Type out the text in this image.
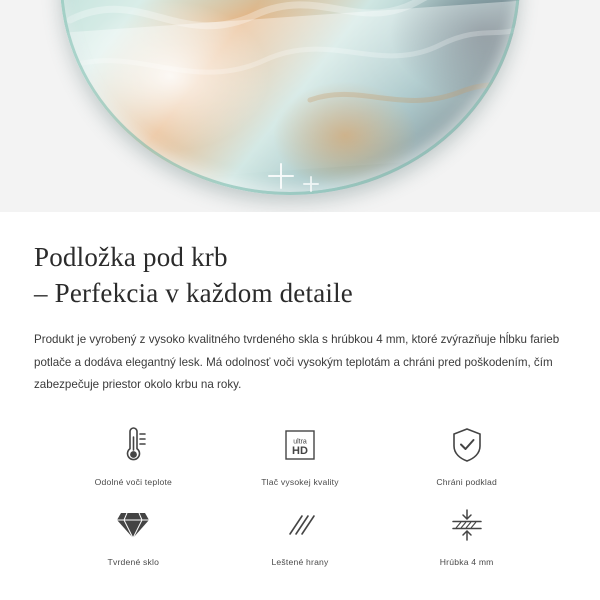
Podložka pod krb
– Perfekcia v každom detaile

Produkt je vyrobený z vysoko kvalitného tvrdeného skla s hrúbkou 4 mm, ktoré zvýrazňuje hĺbku farieb potlače a dodáva elegantný lesk. Má odolnosť voči vysokým teplotám a chráni pred poškodením, čím zabezpečuje priestor okolo krbu na roky.

Odolné voči teplote
ultra
HD
Tlač vysokej kvality	Chráni podklad
Tvrdené sklo	Leštené hrany	Hrúbka 4 mm
